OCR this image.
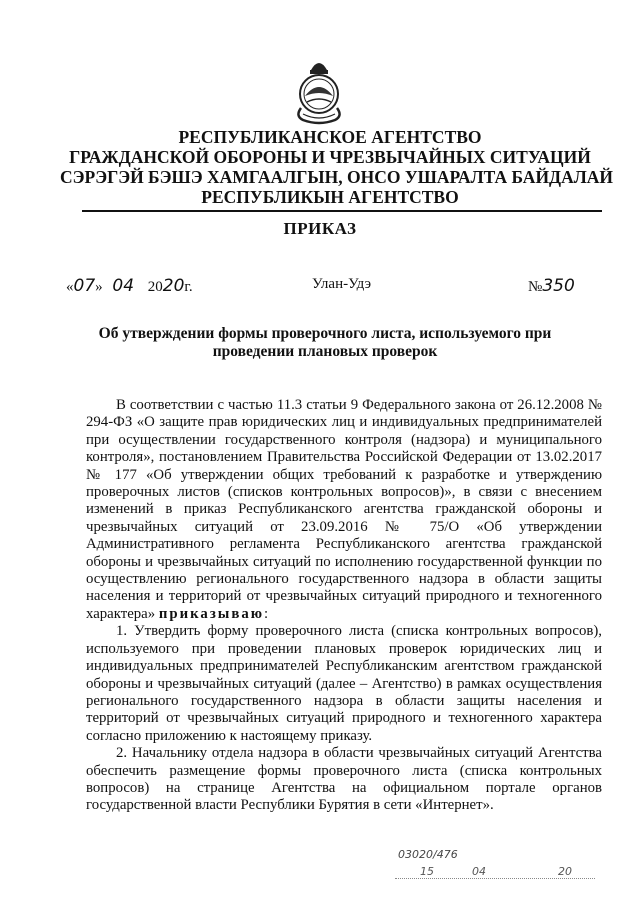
РЕСПУБЛИКАНСКОЕ АГЕНТСТВО
ГРАЖДАНСКОЙ ОБОРОНЫ И ЧРЕЗВЫЧАЙНЫХ СИТУАЦИЙ
СЭРЭГЭЙ БЭШЭ ХАМГААЛГЫН, ОНСО УШАРАЛТА БАЙДАЛАЙ
РЕСПУБЛИКЫН АГЕНТСТВО
ПРИКАЗ
«07» 04 2020г.	Улан-Удэ	№350
Об утверждении формы проверочного листа, используемого при проведении плановых проверок

В соответствии с частью 11.3 статьи 9 Федерального закона от 26.12.2008 № 294-ФЗ «О защите прав юридических лиц и индивидуальных предпринимателей при осуществлении государственного контроля (надзора) и муниципального контроля», постановлением Правительства Российской Федерации от 13.02.2017 № 177 «Об утверждении общих требований к разработке и утверждению проверочных листов (списков контрольных вопросов)», в связи с внесением изменений в приказ Республиканского агентства гражданской обороны и чрезвычайных ситуаций от 23.09.2016 № 75/О «Об утверждении Административного регламента Республиканского агентства гражданской обороны и чрезвычайных ситуаций по исполнению государственной функции по осуществлению регионального государственного надзора в области защиты населения и территорий от чрезвычайных ситуаций природного и техногенного характера» приказываю:

1. Утвердить форму проверочного листа (списка контрольных вопросов), используемого при проведении плановых проверок юридических лиц и индивидуальных предпринимателей Республиканским агентством гражданской обороны и чрезвычайных ситуаций (далее – Агентство) в рамках осуществления регионального государственного надзора в области защиты населения и территорий от чрезвычайных ситуаций природного и техногенного характера согласно приложению к настоящему приказу.

2. Начальнику отдела надзора в области чрезвычайных ситуаций Агентства обеспечить размещение формы проверочного листа (списка контрольных вопросов) на странице Агентства на официальном портале органов государственной власти Республики Бурятия в сети «Интернет».

03020/476
15	04	20
